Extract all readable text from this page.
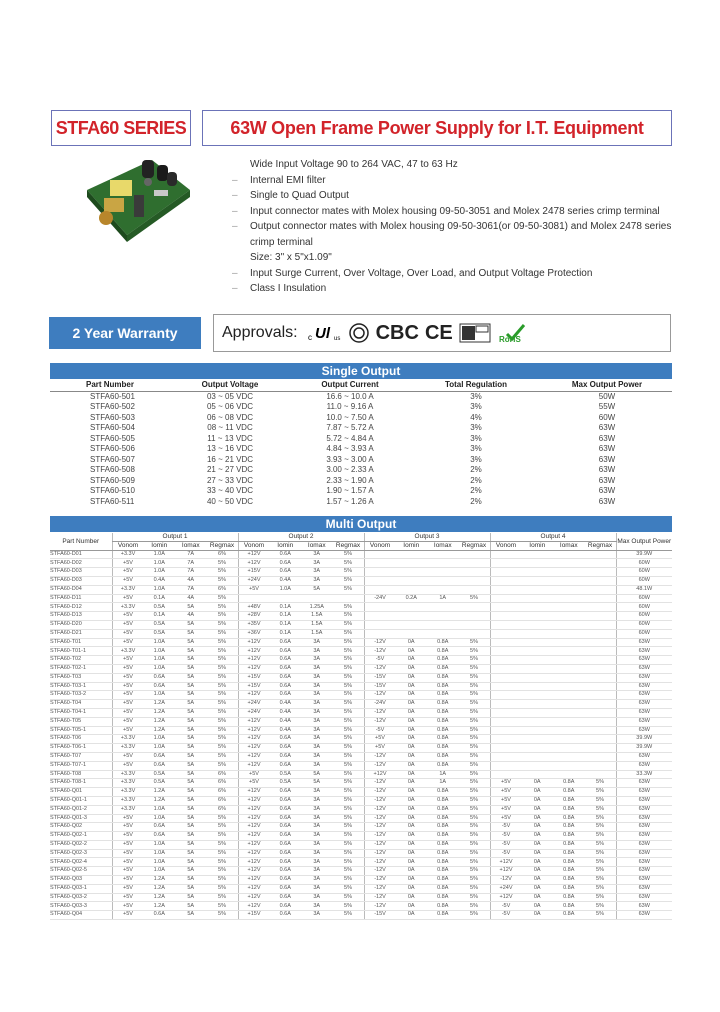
STFA60 SERIES 63W Open Frame Power Supply for I.T. Equipment
Wide Input Voltage 90 to 264 VAC, 47 to 63 Hz
–	Internal EMI filter
–	Single to Quad Output
–	Input connector mates with Molex housing 09-50-3051 and Molex 2478 series crimp terminal
–	Output connector mates with Molex housing 09-50-3061(or 09-50-3081) and Molex 2478 series crimp terminal
Size: 3" x 5"x1.09"
–	Input Surge Current, Over Voltage, Over Load, and Output Voltage Protection
–	Class I Insulation
2 Year Warranty	Approvals: c Ul us CBC CE	RoHS
Single Output
Part Number	Output Voltage	Output Current	Total Regulation	Max Output Power
STFA60-501	03 ~ 05 VDC	16.6 ~ 10.0 A	3%	50W
STFA60-502	05 ~ 06 VDC	11.0 ~ 9.16 A	3%	55W
STFA60-503	06 ~ 08 VDC	10.0 ~ 7.50 A	4%	60W
STFA60-504	08 ~ 11 VDC	7.87 ~ 5.72 A	3%	63W
STFA60-505	11 ~ 13 VDC	5.72 ~ 4.84 A	3%	63W
STFA60-506	13 ~ 16 VDC	4.84 ~ 3.93 A	3%	63W
STFA60-507	16 ~ 21 VDC	3.93 ~ 3.00 A	3%	63W
STFA60-508	21 ~ 27 VDC	3.00 ~ 2.33 A	2%	63W
STFA60-509	27 ~ 33 VDC	2.33 ~ 1.90 A	2%	63W
STFA60-510	33 ~ 40 VDC	1.90 ~ 1.57 A	2%	63W
STFA60-511	40 ~ 50 VDC	1.57 ~ 1.26 A	2%	63W
Multi Output
Part Number	Output 1				Output 2				Output 3				Output 4				Max Output Power
	Vonom	Iomin	Iomax	Regmax	Vonom	Iomin	Iomax	Regmax	Vonom	Iomin	Iomax	Regmax	Vonom	Iomin	Iomax	Regmax	
STFA60-D01	+3.3V	1.0A	7A	6%	+12V	0.6A	3A	5%									39.9W
STFA60-D02	+5V	1.0A	7A	5%	+12V	0.6A	3A	5%									60W
STFA60-D03	+5V	1.0A	7A	5%	+15V	0.6A	3A	5%									60W
STFA60-D03	+5V	0.4A	4A	5%	+24V	0.4A	3A	5%									60W
STFA60-D04	+3.3V	1.0A	7A	6%	+5V	1.0A	5A	5%									48.1W
STFA60-D11	+5V	0.1A	4A	5%					-24V	0.2A	1A	5%					60W
STFA60-D12	+3.3V	0.5A	5A	5%	+48V	0.1A	1.25A	5%									60W
STFA60-D13	+5V	0.1A	4A	5%	+28V	0.1A	1.5A	5%									60W
STFA60-D20	+5V	0.5A	5A	5%	+35V	0.1A	1.5A	5%									60W
STFA60-D21	+5V	0.5A	5A	5%	+36V	0.1A	1.5A	5%									60W
STFA60-T01	+5V	1.0A	5A	5%	+12V	0.6A	3A	5%	-12V	0A	0.8A	5%					63W
STFA60-T01-1	+3.3V	1.0A	5A	5%	+12V	0.6A	3A	5%	-12V	0A	0.8A	5%					63W
STFA60-T02	+5V	1.0A	5A	5%	+12V	0.6A	3A	5%	-5V	0A	0.8A	5%					63W
STFA60-T02-1	+5V	1.0A	5A	5%	+12V	0.6A	3A	5%	-12V	0A	0.8A	5%					63W
STFA60-T03	+5V	0.6A	5A	5%	+15V	0.6A	3A	5%	-15V	0A	0.8A	5%					63W
STFA60-T03-1	+5V	0.6A	5A	5%	+15V	0.6A	3A	5%	-15V	0A	0.8A	5%					63W
STFA60-T03-2	+5V	1.0A	5A	5%	+12V	0.6A	3A	5%	-12V	0A	0.8A	5%					63W
STFA60-T04	+5V	1.2A	5A	5%	+24V	0.4A	3A	5%	-24V	0A	0.8A	5%					63W
STFA60-T04-1	+5V	1.2A	5A	5%	+24V	0.4A	3A	5%	-12V	0A	0.8A	5%					63W
STFA60-T05	+5V	1.2A	5A	5%	+12V	0.4A	3A	5%	-12V	0A	0.8A	5%					63W
STFA60-T05-1	+5V	1.2A	5A	5%	+12V	0.4A	3A	5%	-5V	0A	0.8A	5%					63W
STFA60-T06	+3.3V	1.0A	5A	5%	+12V	0.6A	3A	5%	+5V	0A	0.8A	5%					39.9W
STFA60-T06-1	+3.3V	1.0A	5A	5%	+12V	0.6A	3A	5%	+5V	0A	0.8A	5%					39.9W
STFA60-T07	+5V	0.6A	5A	5%	+12V	0.6A	3A	5%	-12V	0A	0.8A	5%					63W
STFA60-T07-1	+5V	0.6A	5A	5%	+12V	0.6A	3A	5%	-12V	0A	0.8A	5%					63W
STFA60-T08	+3.3V	0.5A	5A	6%	+5V	0.5A	5A	5%	+12V	0A	1A	5%					33.3W
STFA60-T08-1	+3.3V	0.5A	5A	6%	+5V	0.5A	5A	5%	-12V	0A	1A	5%	+5V	0A	0.8A	5%	63W
STFA60-Q01	+3.3V	1.2A	5A	6%	+12V	0.6A	3A	5%	-12V	0A	0.8A	5%	+5V	0A	0.8A	5%	63W
STFA60-Q01-1	+3.3V	1.2A	5A	6%	+12V	0.6A	3A	5%	-12V	0A	0.8A	5%	+5V	0A	0.8A	5%	63W
STFA60-Q01-2	+3.3V	1.0A	5A	6%	+12V	0.6A	3A	5%	-12V	0A	0.8A	5%	+5V	0A	0.8A	5%	63W
STFA60-Q01-3	+5V	1.0A	5A	5%	+12V	0.6A	3A	5%	-12V	0A	0.8A	5%	+5V	0A	0.8A	5%	63W
STFA60-Q02	+5V	0.6A	5A	5%	+12V	0.6A	3A	5%	-12V	0A	0.8A	5%	-5V	0A	0.8A	5%	63W
STFA60-Q02-1	+5V	0.6A	5A	5%	+12V	0.6A	3A	5%	-12V	0A	0.8A	5%	-5V	0A	0.8A	5%	63W
STFA60-Q02-2	+5V	1.0A	5A	5%	+12V	0.6A	3A	5%	-12V	0A	0.8A	5%	-5V	0A	0.8A	5%	63W
STFA60-Q02-3	+5V	1.0A	5A	5%	+12V	0.6A	3A	5%	-12V	0A	0.8A	5%	-5V	0A	0.8A	5%	63W
STFA60-Q02-4	+5V	1.0A	5A	5%	+12V	0.6A	3A	5%	-12V	0A	0.8A	5%	+12V	0A	0.8A	5%	63W
STFA60-Q02-5	+5V	1.0A	5A	5%	+12V	0.6A	3A	5%	-12V	0A	0.8A	5%	+12V	0A	0.8A	5%	63W
STFA60-Q03	+5V	1.2A	5A	5%	+12V	0.6A	3A	5%	-12V	0A	0.8A	5%	-12V	0A	0.8A	5%	63W
STFA60-Q03-1	+5V	1.2A	5A	5%	+12V	0.6A	3A	5%	-12V	0A	0.8A	5%	+24V	0A	0.8A	5%	63W
STFA60-Q03-2	+5V	1.2A	5A	5%	+12V	0.6A	3A	5%	-12V	0A	0.8A	5%	+12V	0A	0.8A	5%	63W
STFA60-Q03-3	+5V	1.2A	5A	5%	+12V	0.6A	3A	5%	-12V	0A	0.8A	5%	-5V	0A	0.8A	5%	63W
STFA60-Q04	+5V	0.6A	5A	5%	+15V	0.6A	3A	5%	-15V	0A	0.8A	5%	-5V	0A	0.8A	5%	63W
